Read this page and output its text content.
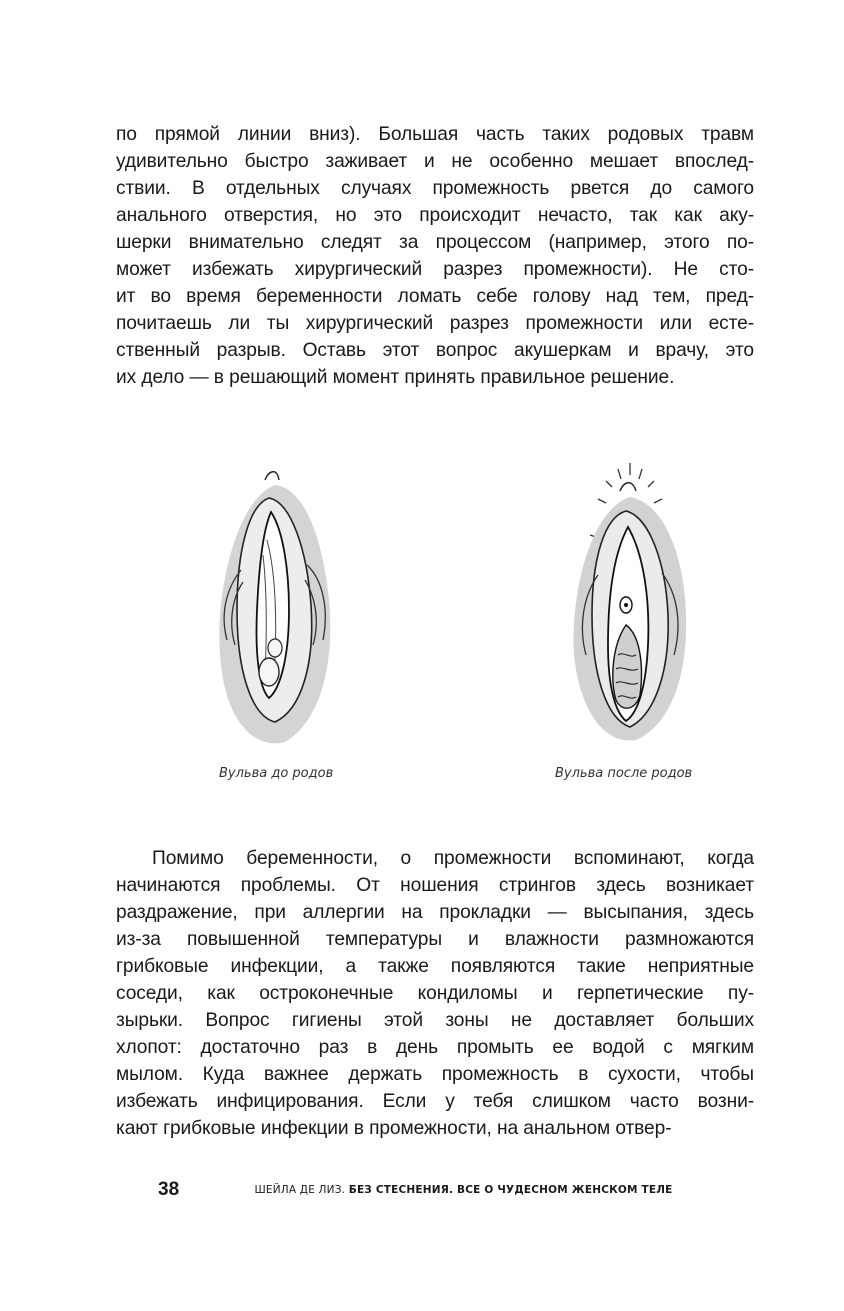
по прямой линии вниз). Большая часть таких родовых травм
удивительно быстро заживает и не особенно мешает впослед-
ствии. В отдельных случаях промежность рвется до самого
анального отверстия, но это происходит нечасто, так как аку-
шерки внимательно следят за процессом (например, этого по-
может избежать хирургический разрез промежности). Не сто-
ит во время беременности ломать себе голову над тем, пред-
почитаешь ли ты хирургический разрез промежности или есте-
ственный разрыв. Оставь этот вопрос акушеркам и врачу, это
их дело — в решающий момент принять правильное решение.
Вульва до родов	Вульва после родов
Помимо беременности, о промежности вспоминают, когда
начинаются проблемы. От ношения стрингов здесь возникает
раздражение, при аллергии на прокладки — высыпания, здесь
из-за повышенной температуры и влажности размножаются
грибковые инфекции, а также появляются такие неприятные
соседи, как остроконечные кондиломы и герпетические пу-
зырьки. Вопрос гигиены этой зоны не доставляет больших
хлопот: достаточно раз в день промыть ее водой с мягким
мылом. Куда важнее держать промежность в сухости, чтобы
избежать инфицирования. Если у тебя слишком часто возни-
кают грибковые инфекции в промежности, на анальном отвер-
38	ШЕЙЛА ДЕ ЛИЗ. БЕЗ СТЕСНЕНИЯ. ВСЕ О ЧУДЕСНОМ ЖЕНСКОМ ТЕЛЕ
